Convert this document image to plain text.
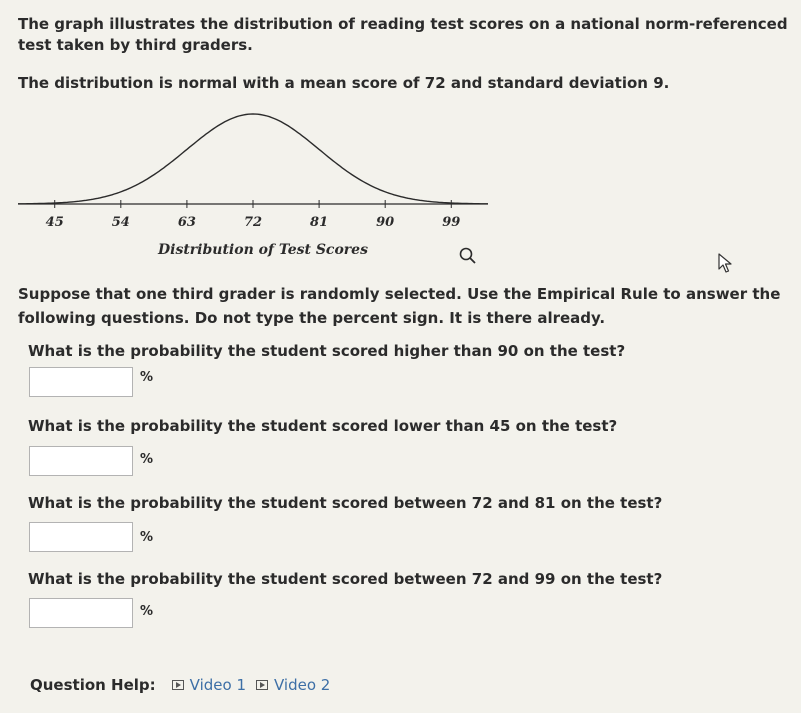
The graph illustrates the distribution of reading test scores on a national norm-referenced test taken by third graders.
The distribution is normal with a mean score of 72 and standard deviation 9.
45	54	63	72	81	90	99
Distribution of Test Scores
Suppose that one third grader is randomly selected. Use the Empirical Rule to answer the following questions. Do not type the percent sign. It is there already.
What is the probability the student scored higher than 90 on the test?
%
What is the probability the student scored lower than 45 on the test?
%
What is the probability the student scored between 72 and 81 on the test?
%
What is the probability the student scored between 72 and 99 on the test?
%
Question Help: Video 1 Video 2
